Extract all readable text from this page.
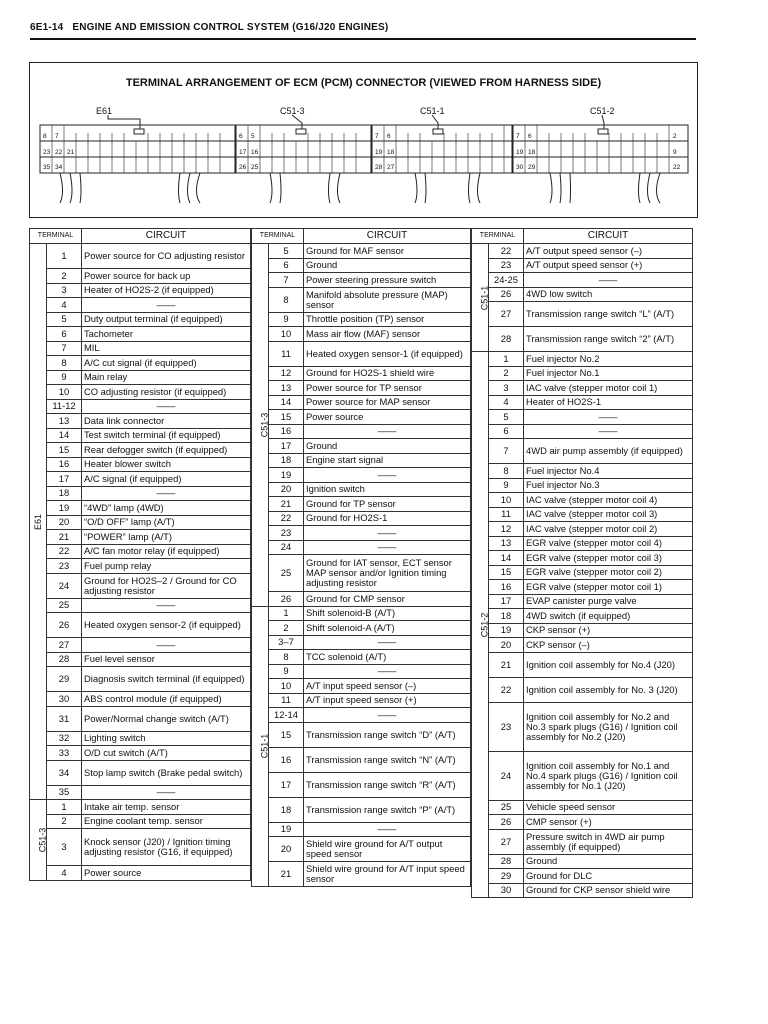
6E1-14 ENGINE AND EMISSION CONTROL SYSTEM (G16/J20 ENGINES)
TERMINAL ARRANGEMENT OF ECM (PCM) CONNECTOR (VIEWED FROM HARNESS SIDE)
E61	C51-3	C51-1	C51-2
8 7
23 22 21
35 34
6 5
17 16
26 25
7 6
19 18
28 27
7 6
19 18
30 29
2
9
22
TERMINAL		CIRCUIT
E61	1	Power source for CO adjusting resistor
	2	Power source for back up
	3	Heater of HO2S-2 (if equipped)
	4	——
	5	Duty output terminal (if equipped)
	6	Tachometer
	7	MIL
	8	A/C cut signal (if equipped)
	9	Main relay
	10	CO adjusting resistor (if equipped)
	11-12	——
	13	Data link connector
	14	Test switch terminal (if equipped)
	15	Rear defogger switch (if equipped)
	16	Heater blower switch
	17	A/C signal (if equipped)
	18	——
	19	“4WD” lamp (4WD)
	20	“O/D OFF” lamp (A/T)
	21	“POWER” lamp (A/T)
	22	A/C fan motor relay (if equipped)
	23	Fuel pump relay
	24	Ground for HO2S–2 / Ground for CO adjusting resistor
	25	——
	26	Heated oxygen sensor-2 (if equipped)
	27	——
	28	Fuel level sensor
	29	Diagnosis switch terminal (if equipped)
	30	ABS control module (if equipped)
	31	Power/Normal change switch (A/T)
	32	Lighting switch
	33	O/D cut switch (A/T)
	34	Stop lamp switch (Brake pedal switch)
	35	——
C51-3	1	Intake air temp. sensor
	2	Engine coolant temp. sensor
	3	Knock sensor (J20) / Ignition timing adjusting resistor (G16, if equipped)
	4	Power source
TERMINAL		CIRCUIT
C51-3	5	Ground for MAF sensor
	6	Ground
	7	Power steering pressure switch
	8	Manifold absolute pressure (MAP) sensor
	9	Throttle position (TP) sensor
	10	Mass air flow (MAF) sensor
	11	Heated oxygen sensor-1 (if equipped)
	12	Ground for HO2S-1 shield wire
	13	Power source for TP sensor
	14	Power source for MAP sensor
	15	Power source
	16	——
	17	Ground
	18	Engine start signal
	19	——
	20	Ignition switch
	21	Ground for TP sensor
	22	Ground for HO2S-1
	23	——
	24	——
	25	Ground for IAT sensor, ECT sensor MAP sensor and/or Ignition timing adjusting resistor
	26	Ground for CMP sensor
C51-1	1	Shift solenoid-B (A/T)
	2	Shift solenoid-A (A/T)
	3–7	——
	8	TCC solenoid (A/T)
	9	——
	10	A/T input speed sensor (–)
	11	A/T input speed sensor (+)
	12-14	——
	15	Transmission range switch “D” (A/T)
	16	Transmission range switch “N” (A/T)
	17	Transmission range switch “R” (A/T)
	18	Transmission range switch “P” (A/T)
	19	——
	20	Shield wire ground for A/T output speed sensor
	21	Shield wire ground for A/T input speed sensor
TERMINAL		CIRCUIT
C51-1	22	A/T output speed sensor (–)
	23	A/T output speed sensor (+)
	24-25	——
	26	4WD low switch
	27	Transmission range switch “L” (A/T)
	28	Transmission range switch “2” (A/T)
C51-2	1	Fuel injector No.2
	2	Fuel injector No.1
	3	IAC valve (stepper motor coil 1)
	4	Heater of HO2S-1
	5	——
	6	——
	7	4WD air pump assembly (if equipped)
	8	Fuel injector No.4
	9	Fuel injector No.3
	10	IAC valve (stepper motor coil 4)
	11	IAC valve (stepper motor coil 3)
	12	IAC valve (stepper motor coil 2)
	13	EGR valve (stepper motor coil 4)
	14	EGR valve (stepper motor coil 3)
	15	EGR valve (stepper motor coil 2)
	16	EGR valve (stepper motor coil 1)
	17	EVAP canister purge valve
	18	4WD switch (if equipped)
	19	CKP sensor (+)
	20	CKP sensor (–)
	21	Ignition coil assembly for No.4 (J20)
	22	Ignition coil assembly for No. 3 (J20)
	23	Ignition coil assembly for No.2 and No.3 spark plugs (G16) / Ignition coil assembly for No.2 (J20)
	24	Ignition coil assembly for No.1 and No.4 spark plugs (G16) / Ignition coil assembly for No.1 (J20)
	25	Vehicle speed sensor
	26	CMP sensor (+)
	27	Pressure switch in 4WD air pump assembly (if equipped)
	28	Ground
	29	Ground for DLC
	30	Ground for CKP sensor shield wire
